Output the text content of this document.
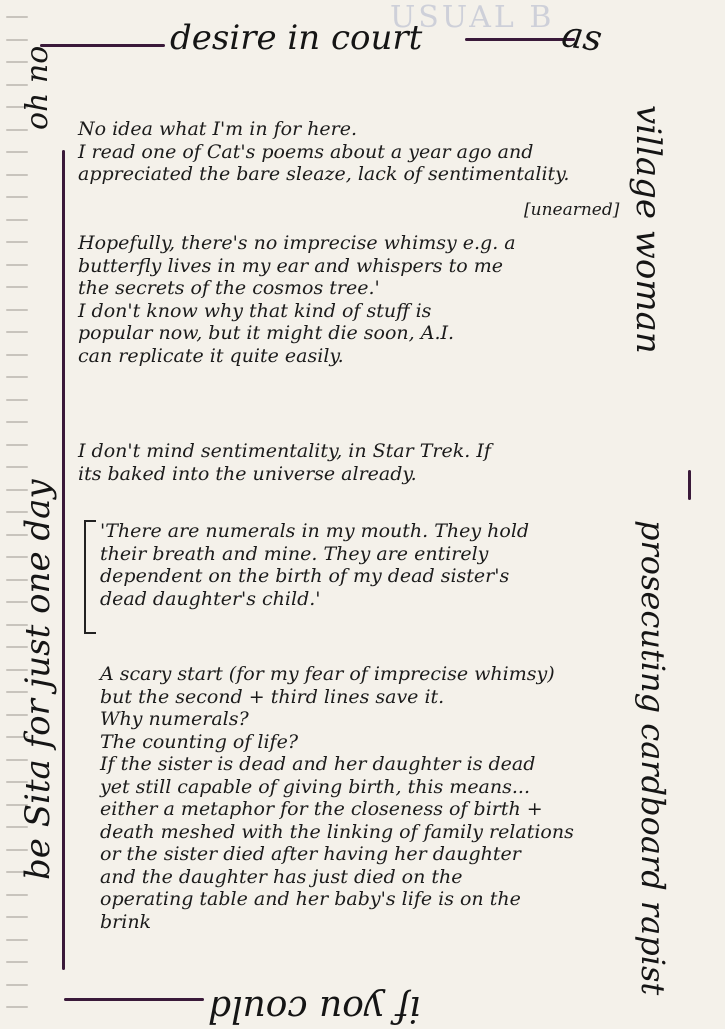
USUAL B
desire in court	as
village woman
prosecuting cardboard rapist
be Sita for just one day
oh no
if you could
No idea what I'm in for here.
I read one of Cat's poems about a year ago and
appreciated the bare sleaze, lack of sentimentality.
[unearned]
Hopefully, there's no imprecise whimsy e.g. a
butterfly lives in my ear and whispers to me
the secrets of the cosmos tree.'
I don't know why that kind of stuff is
popular now, but it might die soon, A.I.
can replicate it quite easily.
I don't mind sentimentality, in Star Trek. If
its baked into the universe already.
'There are numerals in my mouth. They hold
their breath and mine. They are entirely
dependent on the birth of my dead sister's
dead daughter's child.'
A scary start (for my fear of imprecise whimsy)
but the second + third lines save it.
Why numerals?
The counting of life?
If the sister is dead and her daughter is dead
yet still capable of giving birth, this means...
either a metaphor for the closeness of birth +
death meshed with the linking of family relations
or the sister died after having her daughter
and the daughter has just died on the
operating table and her baby's life is on the
brink
